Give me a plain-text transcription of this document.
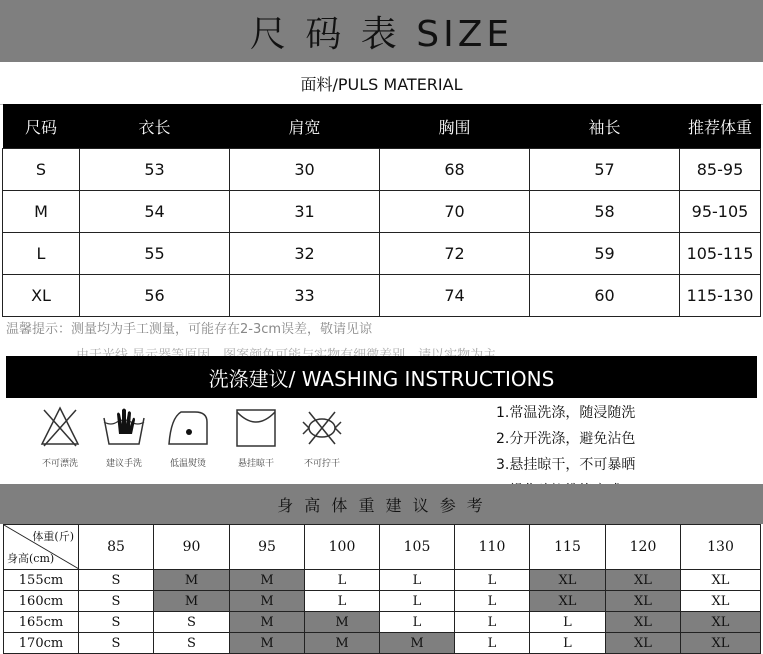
尺 码 表 SIZE
面料/PULS MATERIAL
尺码	衣长	肩宽	胸围	袖长	推荐体重
S	53	30	68	57	85-95
M	54	31	70	58	95-105
L	55	32	72	59	105-115
XL	56	33	74	60	115-130
温馨提示：测量均为手工测量，可能存在2-3cm误差，敬请见谅
洗涤建议/ WASHING INSTRUCTIONS
不可漂洗	建议手洗	低温熨烫	悬挂晾干	不可拧干
1.常温洗涤，随浸随洗
2.分开洗涤，避免沾色
3.悬挂晾干，不可暴晒
身 高 体 重 建 议 参 考
体重(斤)
身高(cm)	85	90	95	100	105	110	115	120	130
155cm	S	M	M	L	L	L	XL	XL	XL
160cm	S	M	M	L	L	L	XL	XL	XL
165cm	S	S	M	M	L	L	L	XL	XL
170cm	S	S	M	M	M	L	L	XL	XL
